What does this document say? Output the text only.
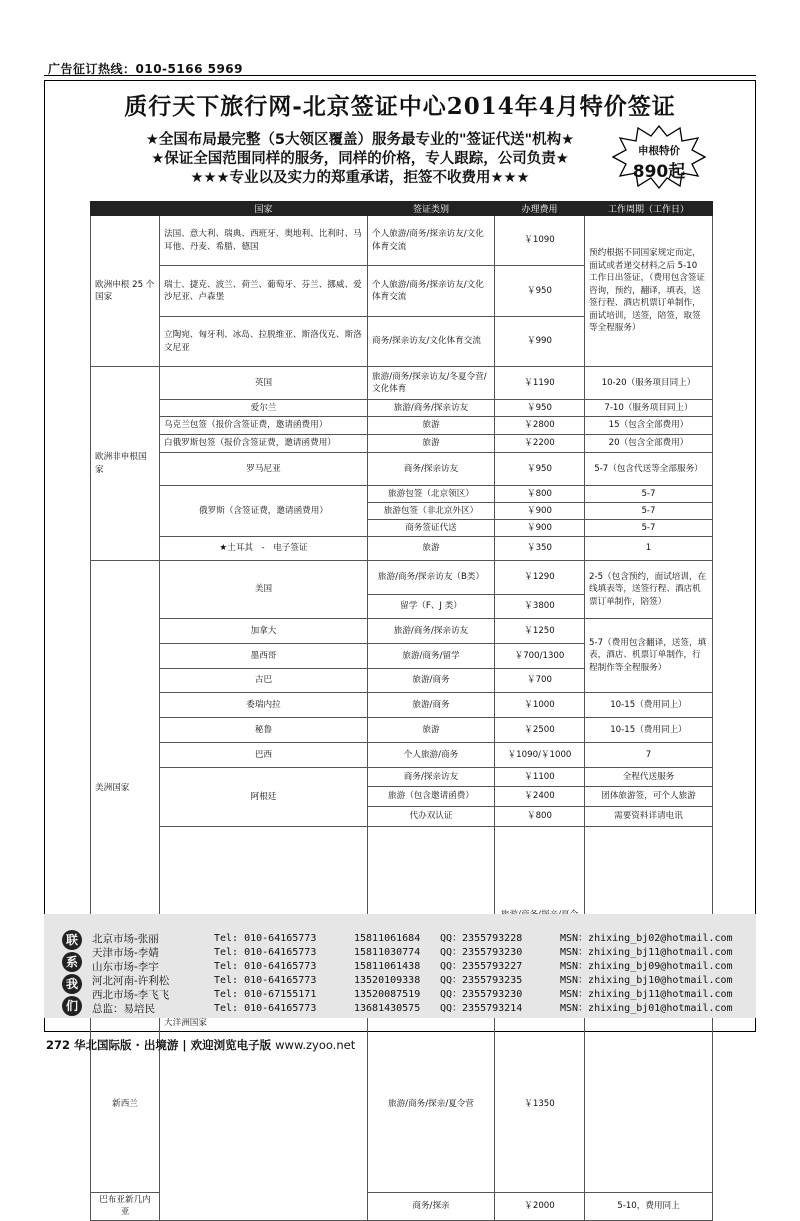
广告征订热线：010-5166 5969
质行天下旅行网-北京签证中心2014年4月特价签证
★全国布局最完整（5大领区覆盖）服务最专业的"签证代送"机构★
★保证全国范围同样的服务，同样的价格，专人跟踪，公司负责★
★★★专业以及实力的郑重承诺，拒签不收费用★★★
申根特价
890起
	国家	签证类别	办理费用	工作周期（工作日）	
欧洲申根 25 个国家	法国、意大利、瑞典、西班牙、奥地利、比利时、马耳他、丹麦、希腊、德国	个人旅游/商务/探亲访友/文化体育交流	￥1090	预约根据不同国家规定而定，面试或者递交材料之后 5-10 工作日出签证，（费用包含签证咨询，预约，翻译，填表，送签行程、酒店机票订单制作，面试培训，送签，陪签，取签等全程服务）	
	瑞士、捷克、波兰、荷兰、葡萄牙、芬兰、挪威、爱沙尼亚、卢森堡	个人旅游/商务/探亲访友/文化体育交流	￥950		
	立陶宛、匈牙利、冰岛、拉脱维亚、斯洛伐克、斯洛文尼亚	商务/探亲访友/文化体育交流	￥990		
欧洲非申根国家	英国	旅游/商务/探亲访友/冬夏令营/文化体育	￥1190	10-20（服务项目同上）	
	爱尔兰	旅游/商务/探亲访友	￥950	7-10（服务项目同上）	
	乌克兰包签（报价含签证费，邀请函费用）	旅游	￥2800	15（包含全部费用）	
	白俄罗斯包签（报价含签证费，邀请函费用）	旅游	￥2200	20（包含全部费用）	
	罗马尼亚	商务/探亲访友	￥950	5-7（包含代送等全部服务）	
	俄罗斯（含签证费，邀请函费用）	旅游包签（北京领区）	￥800	5-7	
		旅游包签（非北京外区）	￥900	5-7	
		商务签证代送	￥900	5-7	
	★土耳其　-　电子签证	旅游	￥350	1	
美洲国家	美国	旅游/商务/探亲访友（B类）	￥1290	2-5（包含预约，面试培训，在线填表等，送签行程、酒店机票订单制作，陪签）	
		留学（F、J 类）	￥3800		
	加拿大	旅游/商务/探亲访友	￥1250	5-7（费用包含翻译，送签，填表，酒店、机票订单制作，行程制作等全程服务）	
	墨西哥	旅游/商务/留学	￥700/1300		
	古巴	旅游/商务	￥700		
	委瑞内拉	旅游/商务	￥1000	10-15（费用同上）	
	秘鲁	旅游	￥2500	10-15（费用同上）	
	巴西	个人旅游/商务	￥1090/￥1000	7	
	阿根廷	商务/探亲访友	￥1100	全程代送服务	
		旅游（包含邀请函费）	￥2400	团体旅游签，可个人旅游	
		代办双认证	￥800	需要资料详请电讯	
	大洋洲国家				
新西兰		旅游/商务/探亲/夏令营	￥1350		
巴布亚新几内亚		商务/探亲	￥2000	5-10，费用同上	
联
系
我
们
北京市场-张丽	Tel: 010-64165773	15811061684 QQ：2355793228	MSN：zhixing_bj02@hotmail.com
天津市场-李婧	Tel: 010-64165773	15811030774 QQ：2355793230	MSN：zhixing_bj11@hotmail.com
山东市场-李宇	Tel: 010-64165773	15811061438 QQ：2355793227	MSN：zhixing_bj09@hotmail.com
河北河南-许利松	Tel: 010-64165773	13520109338 QQ：2355793235	MSN：zhixing_bj10@hotmail.com
西北市场-李飞飞	Tel: 010-67155171	13520087519 QQ：2355793230	MSN：zhixing_bj11@hotmail.com
总监：易培民	Tel: 010-64165773	13681430575 QQ：2355793214	MSN：zhixing_bj01@hotmail.com
272 华北国际版 · 出境游 | 欢迎浏览电子版 www.zyoo.net
